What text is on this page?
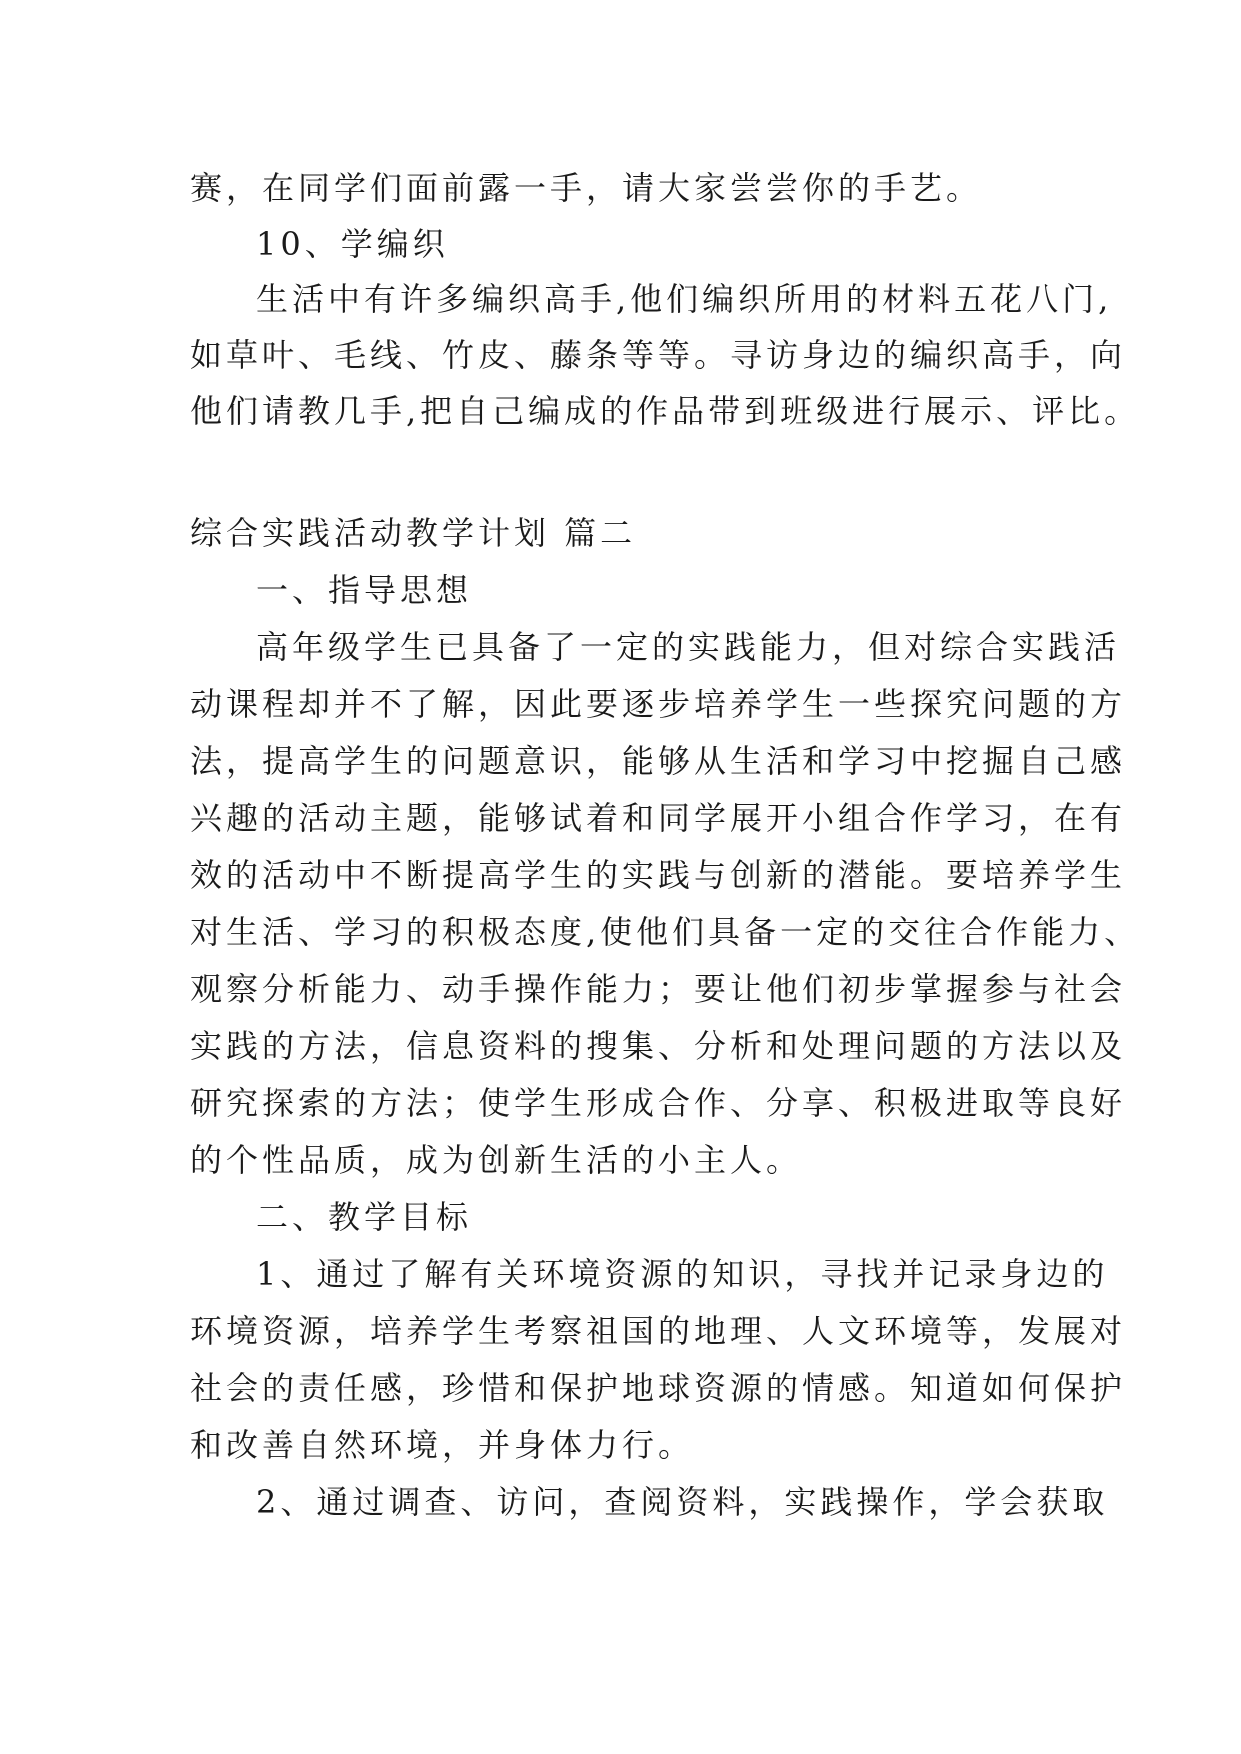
赛，在同学们面前露一手，请大家尝尝你的手艺。
10、学编织
生活中有许多编织高手,他们编织所用的材料五花八门,
如草叶、毛线、竹皮、藤条等等。寻访身边的编织高手，向
他们请教几手,把自己编成的作品带到班级进行展示、评比。
综合实践活动教学计划 篇二
一、指导思想
高年级学生已具备了一定的实践能力，但对综合实践活
动课程却并不了解，因此要逐步培养学生一些探究问题的方
法，提高学生的问题意识，能够从生活和学习中挖掘自己感
兴趣的活动主题，能够试着和同学展开小组合作学习，在有
效的活动中不断提高学生的实践与创新的潜能。要培养学生
对生活、学习的积极态度,使他们具备一定的交往合作能力、
观察分析能力、动手操作能力；要让他们初步掌握参与社会
实践的方法，信息资料的搜集、分析和处理问题的方法以及
研究探索的方法；使学生形成合作、分享、积极进取等良好
的个性品质，成为创新生活的小主人。
二、教学目标
1、通过了解有关环境资源的知识，寻找并记录身边的
环境资源，培养学生考察祖国的地理、人文环境等，发展对
社会的责任感，珍惜和保护地球资源的情感。知道如何保护
和改善自然环境，并身体力行。
2、通过调查、访问，查阅资料，实践操作，学会获取
